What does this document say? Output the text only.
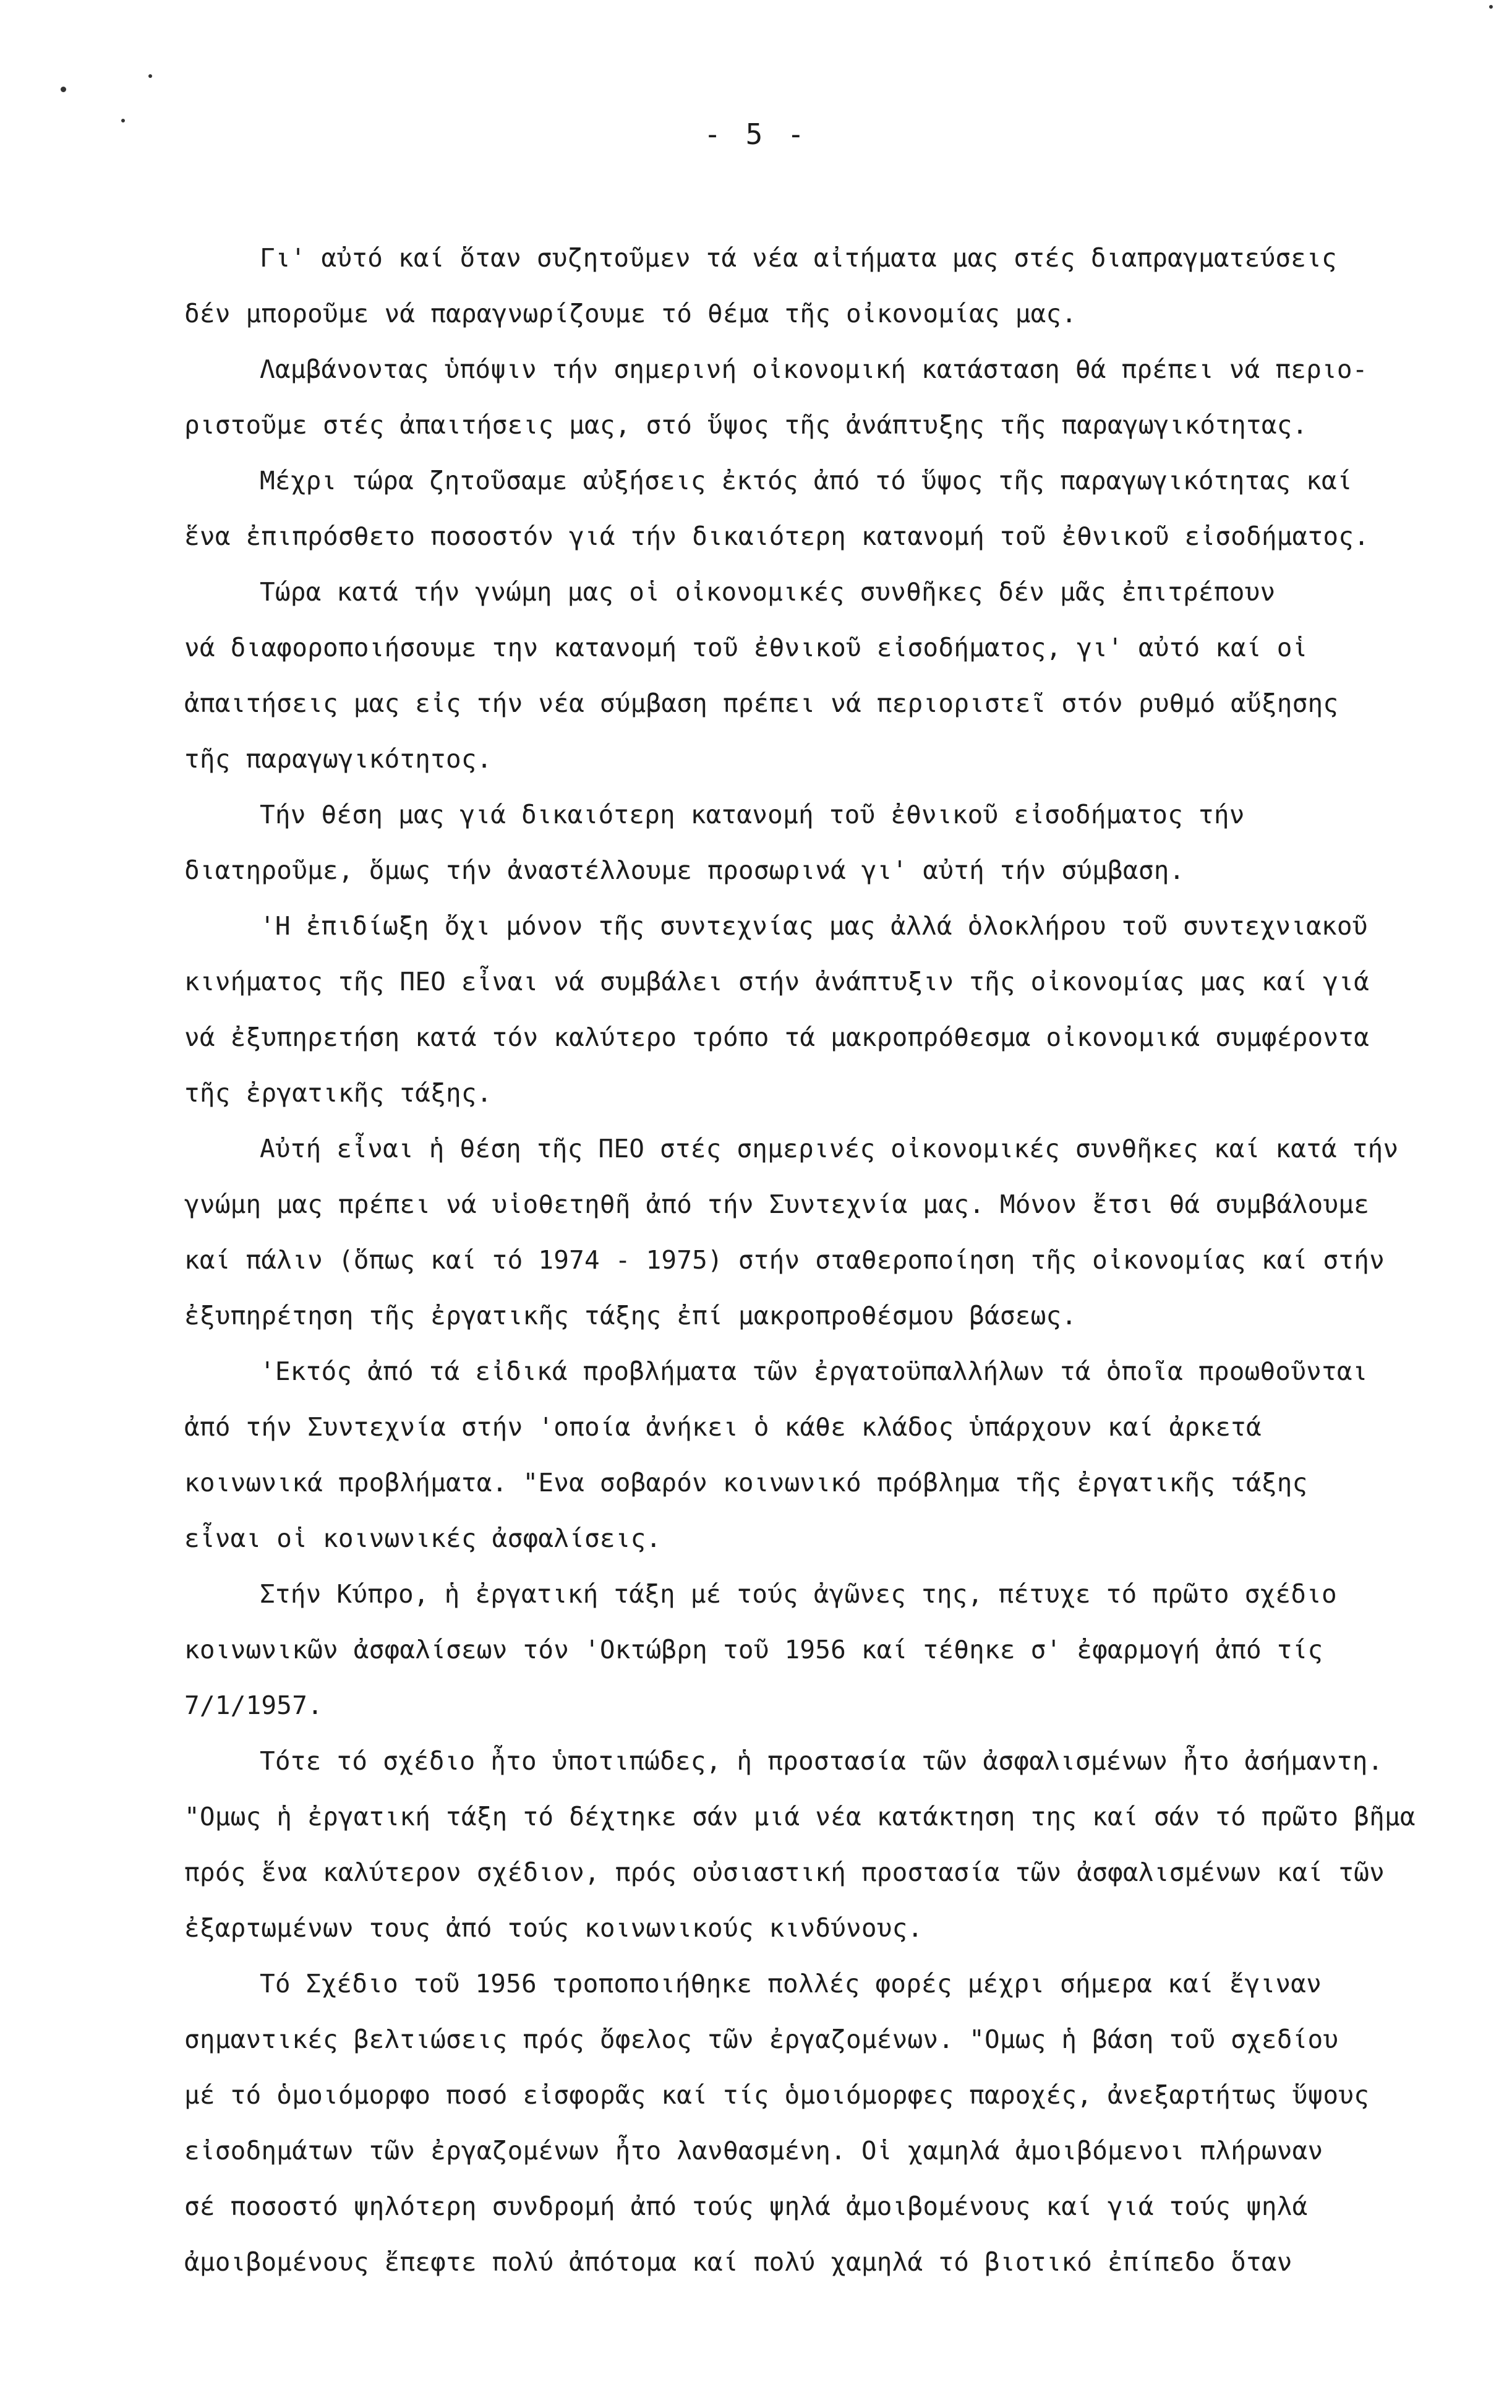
- 5 -
Γι' αὐτό καί ὅταν συζητοῦμεν τά νέα αἰτήματα μας στές διαπραγματεύσεις
δέν μποροῦμε νά παραγνωρίζουμε τό θέμα τῆς οἰκονομίας μας.
Λαμβάνοντας ὑπόψιν τήν σημερινή οἰκονομική κατάσταση θά πρέπει νά περιο-
ριστοῦμε στές ἀπαιτήσεις μας, στό ὕψος τῆς ἀνάπτυξης τῆς παραγωγικότητας.
Μέχρι τώρα ζητοῦσαμε αὐξήσεις ἐκτός ἀπό τό ὕψος τῆς παραγωγικότητας καί
ἕνα ἐπιπρόσθετο ποσοστόν γιά τήν δικαιότερη κατανομή τοῦ ἐθνικοῦ εἰσοδήματος.
Τώρα κατά τήν γνώμη μας οἱ οἰκονομικές συνθῆκες δέν μᾶς ἐπιτρέπουν
νά διαφοροποιήσουμε την κατανομή τοῦ ἐθνικοῦ εἰσοδήματος, γι' αὐτό καί οἱ
ἀπαιτήσεις μας εἰς τήν νέα σύμβαση πρέπει νά περιοριστεῖ στόν ρυθμό αὔξησης
τῆς παραγωγικότητος.
Τήν θέση μας γιά δικαιότερη κατανομή τοῦ ἐθνικοῦ εἰσοδήματος τήν
διατηροῦμε, ὅμως τήν ἀναστέλλουμε προσωρινά γι' αὐτή τήν σύμβαση.
'Η ἐπιδίωξη ὄχι μόνον τῆς συντεχνίας μας ἀλλά ὁλοκλήρου τοῦ συντεχνιακοῦ
κινήματος τῆς ΠΕΟ εἶναι νά συμβάλει στήν ἀνάπτυξιν τῆς οἰκονομίας μας καί γιά
νά ἐξυπηρετήση κατά τόν καλύτερο τρόπο τά μακροπρόθεσμα οἰκονομικά συμφέροντα
τῆς ἐργατικῆς τάξης.
Αὐτή εἶναι ἡ θέση τῆς ΠΕΟ στές σημερινές οἰκονομικές συνθῆκες καί κατά τήν
γνώμη μας πρέπει νά υἱοθετηθῆ ἀπό τήν Συντεχνία μας. Μόνον ἔτσι θά συμβάλουμε
καί πάλιν (ὅπως καί τό 1974 - 1975) στήν σταθεροποίηση τῆς οἰκονομίας καί στήν
ἐξυπηρέτηση τῆς ἐργατικῆς τάξης ἐπί μακροπροθέσμου βάσεως.
'Εκτός ἀπό τά εἰδικά προβλήματα τῶν ἐργατοϋπαλλήλων τά ὁποῖα προωθοῦνται
ἀπό τήν Συντεχνία στήν 'οποία ἀνήκει ὁ κάθε κλάδος ὑπάρχουν καί ἀρκετά
κοινωνικά προβλήματα. "Ενα σοβαρόν κοινωνικό πρόβλημα τῆς ἐργατικῆς τάξης
εἶναι οἱ κοινωνικές ἀσφαλίσεις.
Στήν Κύπρο, ἡ ἐργατική τάξη μέ τούς ἀγῶνες της, πέτυχε τό πρῶτο σχέδιο
κοινωνικῶν ἀσφαλίσεων τόν 'Οκτώβρη τοῦ 1956 καί τέθηκε σ' ἐφαρμογή ἀπό τίς
7/1/1957.
Τότε τό σχέδιο ἦτο ὑποτιπώδες, ἡ προστασία τῶν ἀσφαλισμένων ἦτο ἀσήμαντη.
"Ομως ἡ ἐργατική τάξη τό δέχτηκε σάν μιά νέα κατάκτηση της καί σάν τό πρῶτο βῆμα
πρός ἕνα καλύτερον σχέδιον, πρός οὐσιαστική προστασία τῶν ἀσφαλισμένων καί τῶν
ἐξαρτωμένων τους ἀπό τούς κοινωνικούς κινδύνους.
Τό Σχέδιο τοῦ 1956 τροποποιήθηκε πολλές φορές μέχρι σήμερα καί ἔγιναν
σημαντικές βελτιώσεις πρός ὄφελος τῶν ἐργαζομένων. "Ομως ἡ βάση τοῦ σχεδίου
μέ τό ὁμοιόμορφο ποσό εἰσφορᾶς καί τίς ὁμοιόμορφες παροχές, ἀνεξαρτήτως ὕψους
εἰσοδημάτων τῶν ἐργαζομένων ἦτο λανθασμένη. Οἱ χαμηλά ἀμοιβόμενοι πλήρωναν
σέ ποσοστό ψηλότερη συνδρομή ἀπό τούς ψηλά ἀμοιβομένους καί γιά τούς ψηλά
ἀμοιβομένους ἔπεφτε πολύ ἀπότομα καί πολύ χαμηλά τό βιοτικό ἐπίπεδο ὅταν
